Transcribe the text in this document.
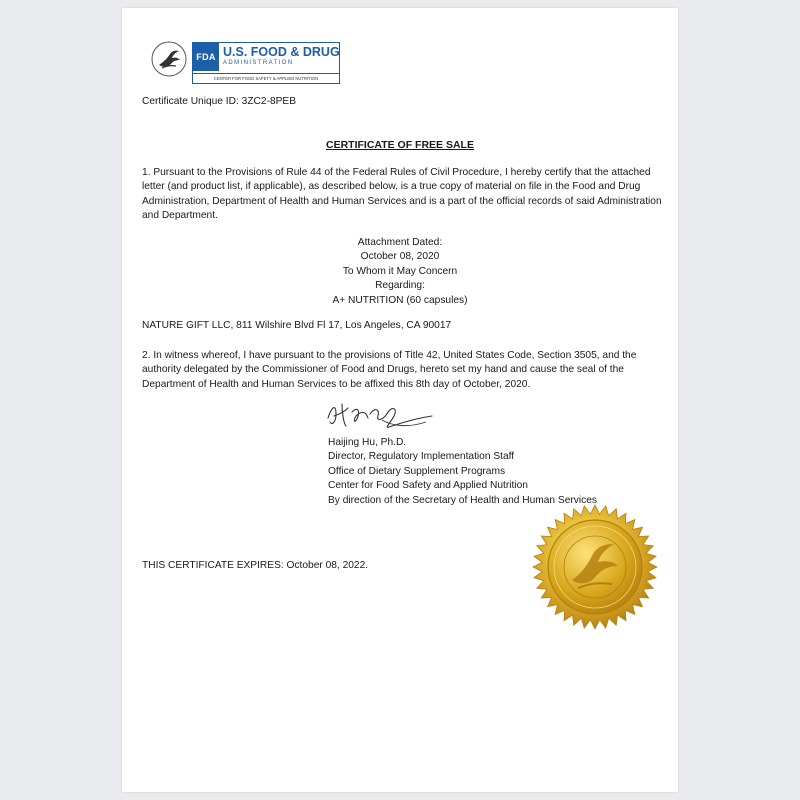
FDA U.S. FOOD & DRUG
ADMINISTRATION
CENTER FOR FOOD SAFETY & APPLIED NUTRITION
Certificate Unique ID: 3ZC2-8PEB
CERTIFICATE OF FREE SALE
1. Pursuant to the Provisions of Rule 44 of the Federal Rules of Civil Procedure, I hereby certify that the attached letter (and product list, if applicable), as described below, is a true copy of material on file in the Food and Drug Administration, Department of Health and Human Services and is a part of the official records of said Administration and Department.
Attachment Dated:
October 08, 2020
To Whom it May Concern
Regarding:
A+ NUTRITION (60 capsules)
NATURE GIFT LLC, 811 Wilshire Blvd Fl 17, Los Angeles, CA 90017
2. In witness whereof, I have pursuant to the provisions of Title 42, United States Code, Section 3505, and the authority delegated by the Commissioner of Food and Drugs, hereto set my hand and cause the seal of the Department of Health and Human Services to be affixed this 8th day of October, 2020.
Haijing Hu, Ph.D.
Director, Regulatory Implementation Staff
Office of Dietary Supplement Programs
Center for Food Safety and Applied Nutrition
By direction of the Secretary of Health and Human Services
THIS CERTIFICATE EXPIRES: October 08, 2022.
